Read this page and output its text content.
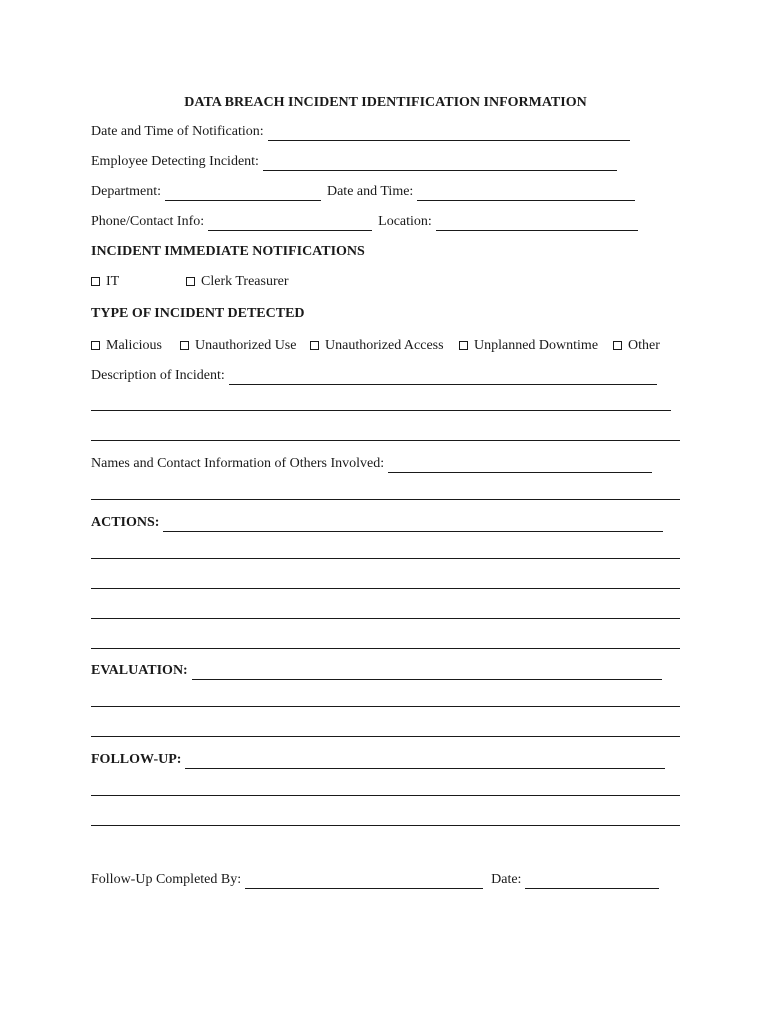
DATA BREACH INCIDENT IDENTIFICATION INFORMATION
Date and Time of Notification:
Employee Detecting Incident:
Department:	Date and Time:
Phone/Contact Info:	Location:
INCIDENT IMMEDIATE NOTIFICATIONS
IT	Clerk Treasurer
TYPE OF INCIDENT DETECTED
Malicious	Unauthorized Use	Unauthorized Access	Unplanned Downtime	Other
Description of Incident:
Names and Contact Information of Others Involved:
ACTIONS:
EVALUATION:
FOLLOW-UP:
Follow-Up Completed By:	Date:
